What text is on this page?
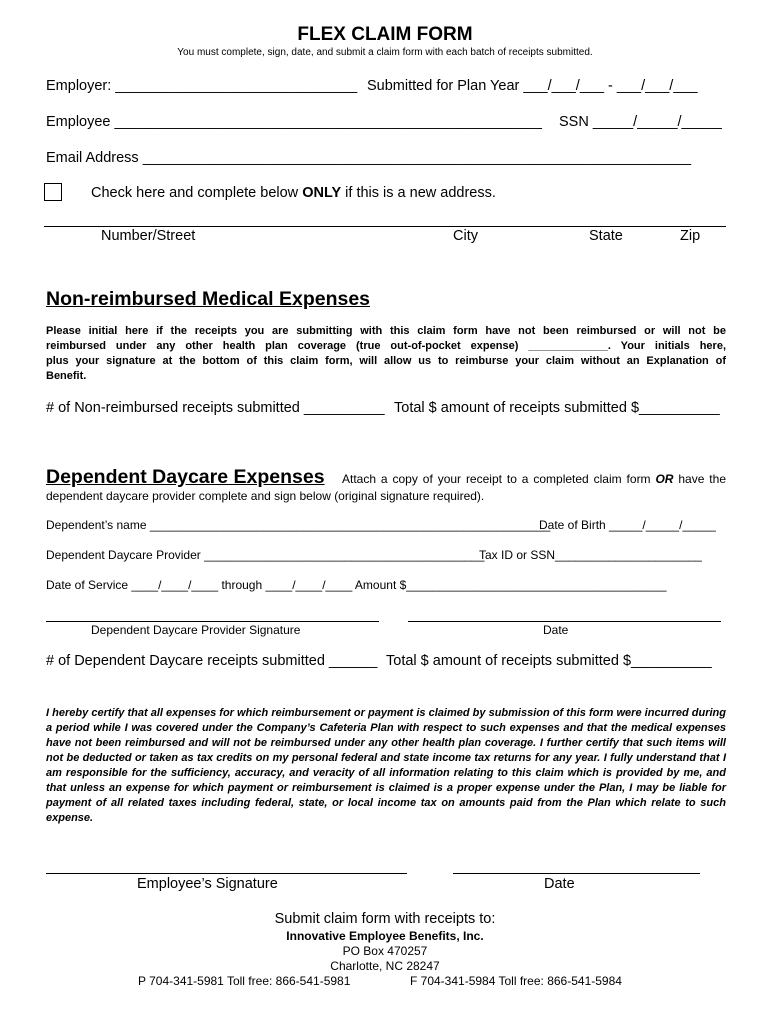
FLEX CLAIM FORM
You must complete, sign, date, and submit a claim form with each batch of receipts submitted.
Employer: ______________________________ Submitted for Plan Year ___/___/___ - ___/___/___
Employee _____________________________________________________ SSN _____/_____/_____
Email Address ____________________________________________________________________
Check here and complete below ONLY if this is a new address.
Number/Street	City	State	Zip
Non-reimbursed Medical Expenses
Please initial here if the receipts you are submitting with this claim form have not been reimbursed or will not be
reimbursed under any other health plan coverage (true out-of-pocket expense) _____________. Your initials here,
plus your signature at the bottom of this claim form, will allow us to reimburse your claim without an Explanation of
Benefit.
# of Non-reimbursed receipts submitted __________ Total $ amount of receipts submitted $__________
Dependent Daycare Expenses Attach a copy of your receipt to a completed claim form OR have the
dependent daycare provider complete and sign below (original signature required).
Dependent’s name ____________________________________________________________
Date of Birth _____/_____/_____
Dependent Daycare Provider __________________________________________
Tax ID or SSN______________________
Date of Service ____/____/____ through ____/____/____ Amount $_______________________________________
Dependent Daycare Provider Signature	Date
# of Dependent Daycare receipts submitted ______ Total $ amount of receipts submitted $__________
I hereby certify that all expenses for which reimbursement or payment is claimed by submission of this form were incurred during a period while I was covered under the Company’s Cafeteria Plan with respect to such expenses and that the medical expenses have not been reimbursed and will not be reimbursed under any other health plan coverage. I further certify that such items will not be deducted or taken as tax credits on my personal federal and state income tax returns for any year. I fully understand that I am responsible for the sufficiency, accuracy, and veracity of all information relating to this claim which is provided by me, and that unless an expense for which payment or reimbursement is claimed is a proper expense under the Plan, I may be liable for payment of all related taxes including federal, state, or local income tax on amounts paid from the Plan which relate to such expense.
Employee’s Signature	Date
Submit claim form with receipts to:
Innovative Employee Benefits, Inc.
PO Box 470257
Charlotte, NC 28247
P 704-341-5981 Toll free: 866-541-5981	F 704-341-5984 Toll free: 866-541-5984
